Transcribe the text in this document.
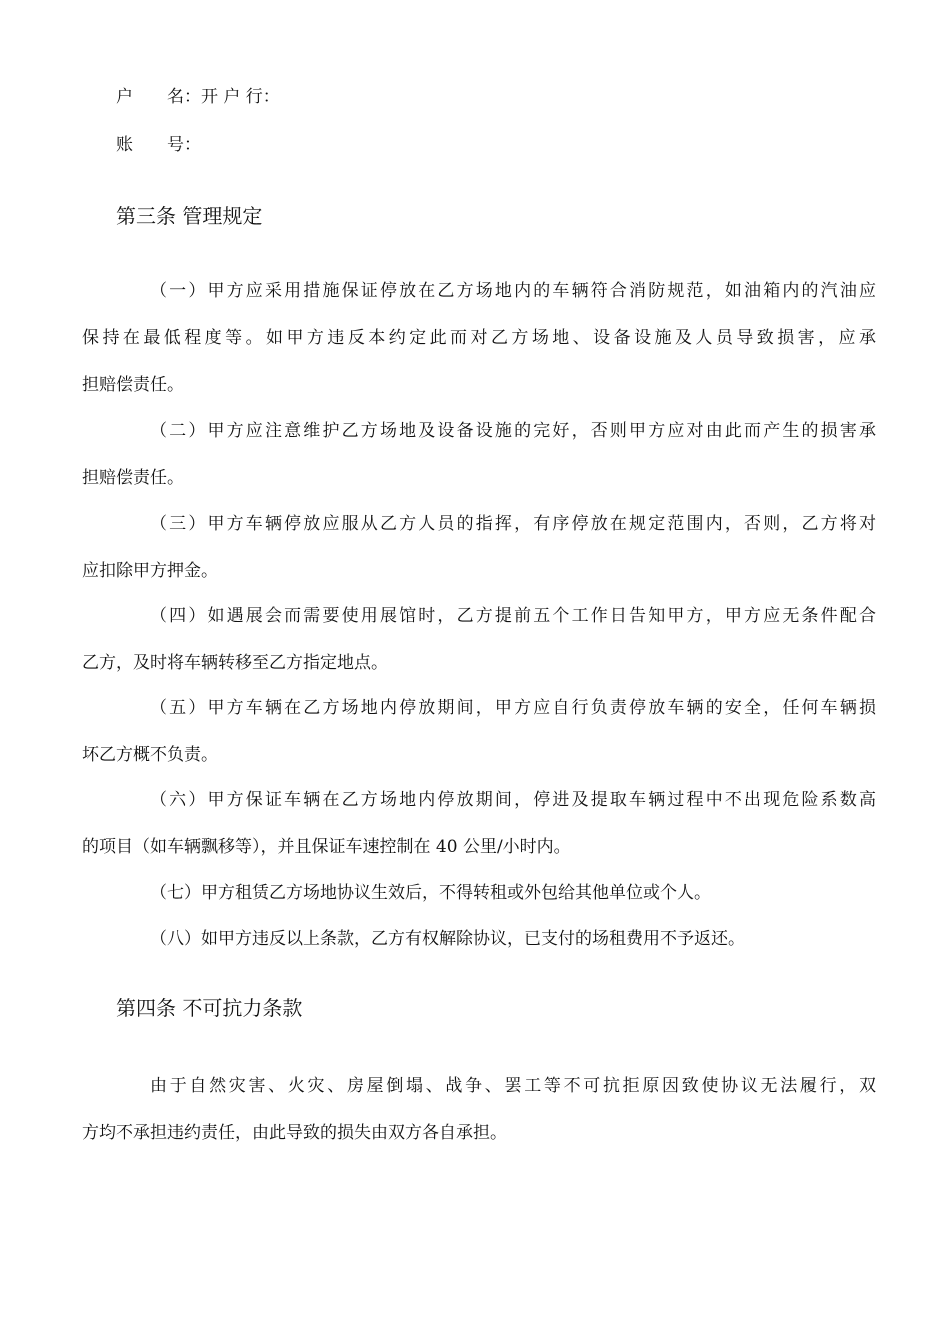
户　　名：开 户 行：
账　　号：
第三条 管理规定
（一）甲方应采用措施保证停放在乙方场地内的车辆符合消防规范，如油箱内的汽油应
保持在最低程度等。如甲方违反本约定此而对乙方场地、设备设施及人员导致损害，应承
担赔偿责任。
（二）甲方应注意维护乙方场地及设备设施的完好，否则甲方应对由此而产生的损害承
担赔偿责任。
（三）甲方车辆停放应服从乙方人员的指挥，有序停放在规定范围内，否则，乙方将对
应扣除甲方押金。
（四）如遇展会而需要使用展馆时，乙方提前五个工作日告知甲方，甲方应无条件配合
乙方，及时将车辆转移至乙方指定地点。
（五）甲方车辆在乙方场地内停放期间，甲方应自行负责停放车辆的安全，任何车辆损
坏乙方概不负责。
（六）甲方保证车辆在乙方场地内停放期间，停进及提取车辆过程中不出现危险系数高
的项目（如车辆飘移等），并且保证车速控制在 40 公里/小时内。
（七）甲方租赁乙方场地协议生效后，不得转租或外包给其他单位或个人。
（八）如甲方违反以上条款，乙方有权解除协议，已支付的场租费用不予返还。
第四条 不可抗力条款
由于自然灾害、火灾、房屋倒塌、战争、罢工等不可抗拒原因致使协议无法履行，双
方均不承担违约责任，由此导致的损失由双方各自承担。
